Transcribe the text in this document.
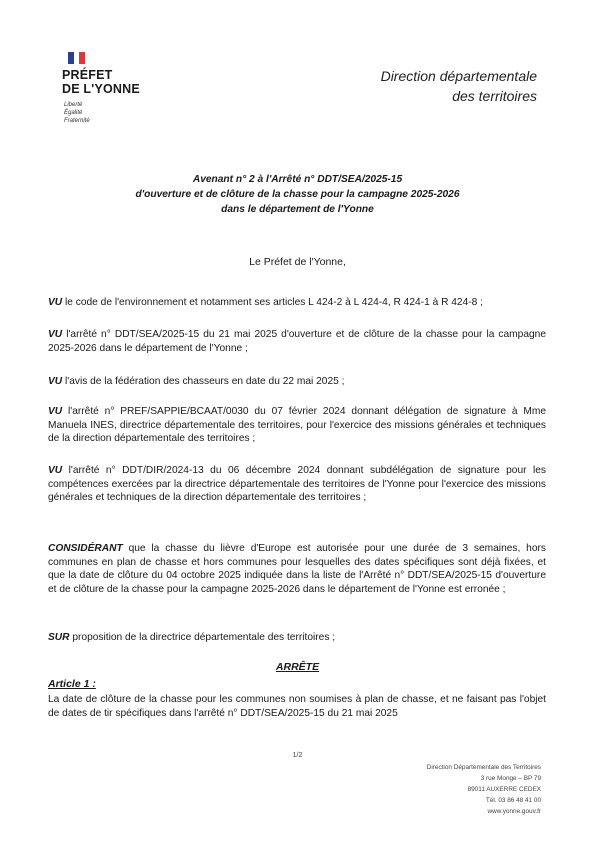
PRÉFET
DE L'YONNE
Liberté
Égalité
Fraternité
Direction départementale
des territoires
Avenant n° 2 à l'Arrêté n° DDT/SEA/2025-15
d'ouverture et de clôture de la chasse pour la campagne 2025-2026
dans le département de l'Yonne
Le Préfet de l'Yonne,
VU le code de l'environnement et notamment ses articles L 424-2 à L 424-4, R 424-1 à R 424-8 ;
VU l'arrêté n° DDT/SEA/2025-15 du 21 mai 2025 d'ouverture et de clôture de la chasse pour la campagne 2025-2026 dans le département de l'Yonne ;
VU l'avis de la fédération des chasseurs en date du 22 mai 2025 ;
VU l'arrêté n° PREF/SAPPIE/BCAAT/0030 du 07 février 2024 donnant délégation de signature à Mme Manuela INES, directrice départementale des territoires, pour l'exercice des missions générales et techniques de la direction départementale des territoires ;
VU l'arrêté n° DDT/DIR/2024-13 du 06 décembre 2024 donnant subdélégation de signature pour les compétences exercées par la directrice départementale des territoires de l'Yonne pour l'exercice des missions générales et techniques de la direction départementale des territoires ;
CONSIDÉRANT que la chasse du lièvre d'Europe est autorisée pour une durée de 3 semaines, hors communes en plan de chasse et hors communes pour lesquelles des dates spécifiques sont déjà fixées, et que la date de clôture du 04 octobre 2025 indiquée dans la liste de l'Arrêté n° DDT/SEA/2025-15 d'ouverture et de clôture de la chasse pour la campagne 2025-2026 dans le département de l'Yonne est erronée ;
SUR proposition de la directrice départementale des territoires ;
ARRÊTE
Article 1 :
La date de clôture de la chasse pour les communes non soumises à plan de chasse, et ne faisant pas l'objet de dates de tir spécifiques dans l'arrêté n° DDT/SEA/2025-15 du 21 mai 2025
1/2
Direction Départementale des Territoires
3 rue Monge – BP 79
89011 AUXERRE CEDEX
Tél. 03 86 48 41 00
www.yonne.gouv.fr
